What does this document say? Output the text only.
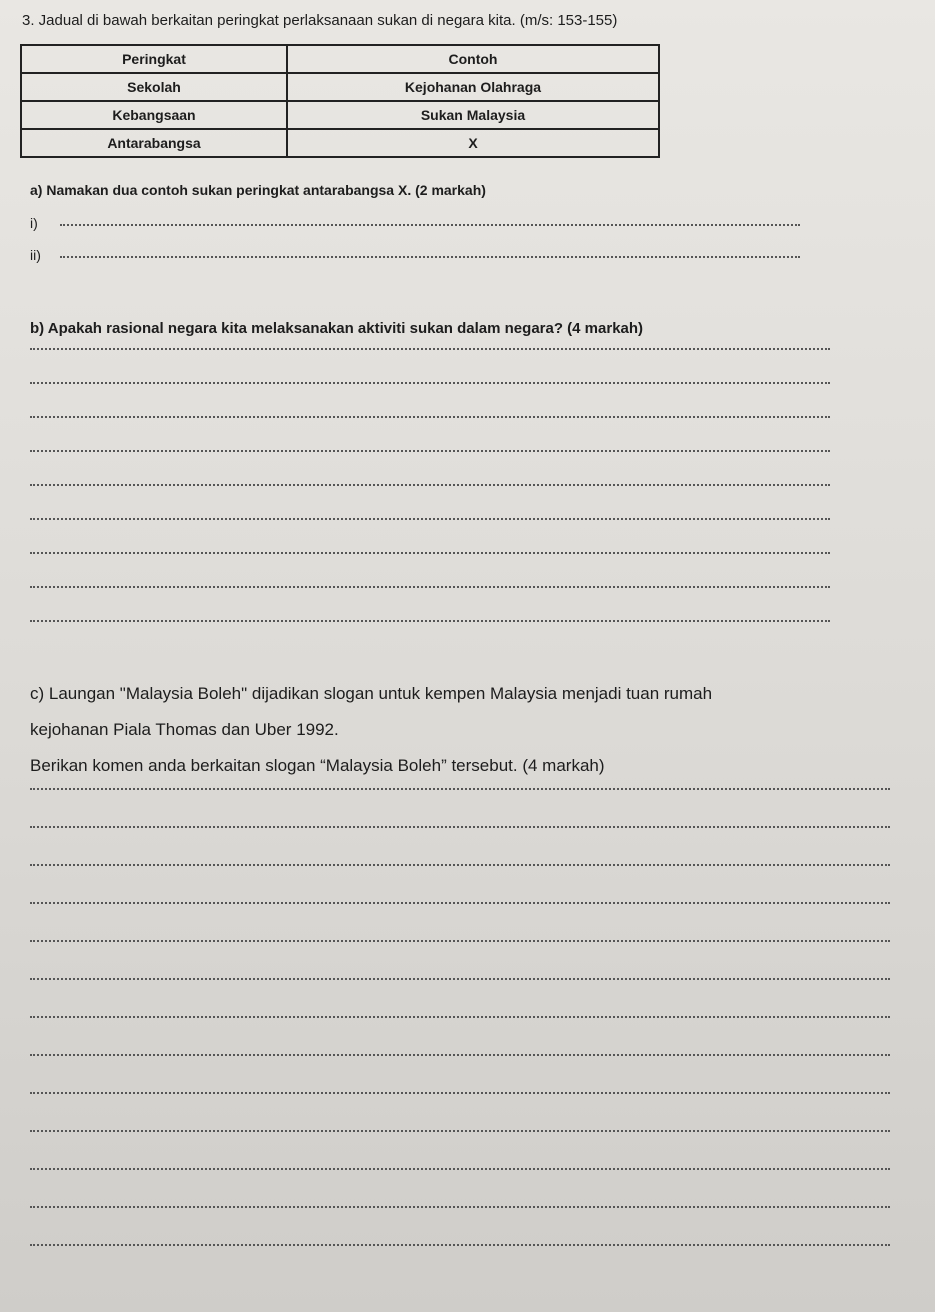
3. Jadual di bawah berkaitan peringkat perlaksanaan sukan di negara kita. (m/s: 153-155)
Peringkat	Contoh
Sekolah	Kejohanan Olahraga
Kebangsaan	Sukan Malaysia
Antarabangsa	X
a) Namakan dua contoh sukan peringkat antarabangsa X. (2 markah)
i)
ii)
b) Apakah rasional negara kita melaksanakan aktiviti sukan dalam negara? (4 markah)
c) Laungan "Malaysia Boleh" dijadikan slogan untuk kempen Malaysia menjadi tuan rumah
kejohanan Piala Thomas dan Uber 1992.
Berikan komen anda berkaitan slogan “Malaysia Boleh” tersebut. (4 markah)
